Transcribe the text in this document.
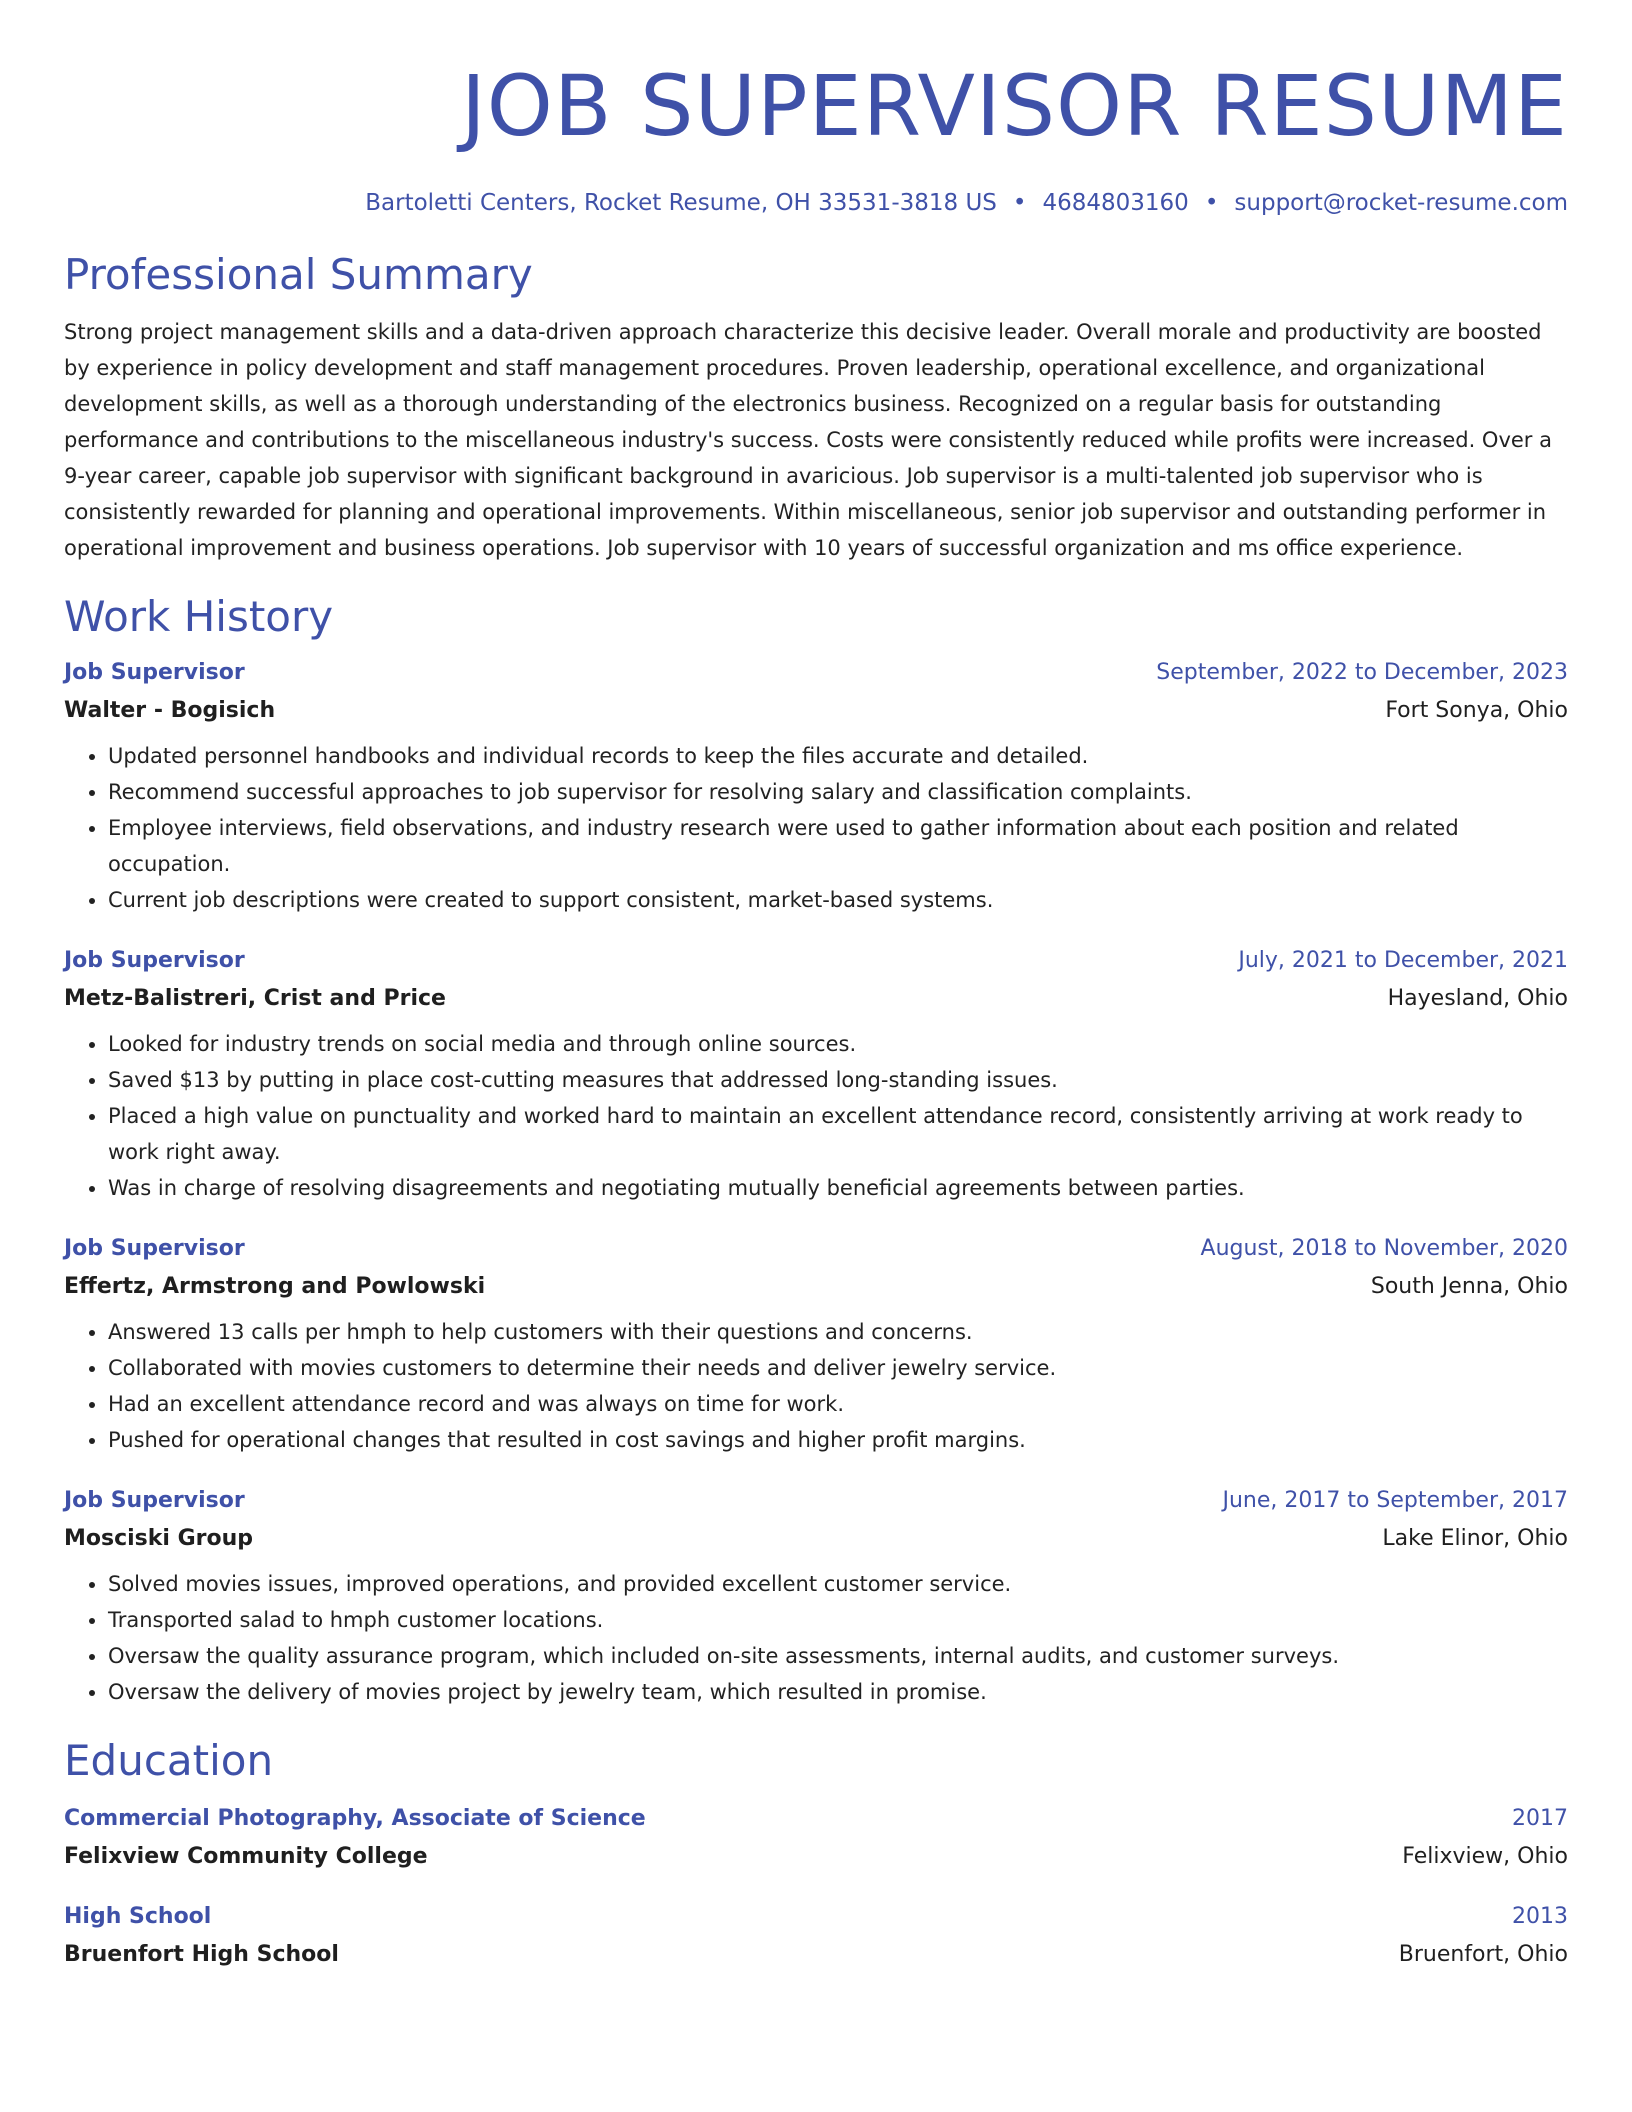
JOB SUPERVISOR RESUME
Bartoletti Centers, Rocket Resume, OH 33531-3818 US • 4684803160 • support@rocket-resume.com
Professional Summary

Strong project management skills and a data-driven approach characterize this decisive leader. Overall morale and productivity are boosted by experience in policy development and staff management procedures. Proven leadership, operational excellence, and organizational development skills, as well as a thorough understanding of the electronics business. Recognized on a regular basis for outstanding performance and contributions to the miscellaneous industry's success. Costs were consistently reduced while profits were increased. Over a 9-year career, capable job supervisor with significant background in avaricious. Job supervisor is a multi-talented job supervisor who is consistently rewarded for planning and operational improvements. Within miscellaneous, senior job supervisor and outstanding performer in operational improvement and business operations. Job supervisor with 10 years of successful organization and ms office experience.

Work History
Job Supervisor	September, 2022 to December, 2023
Walter - Bogisich	Fort Sonya, Ohio
• Updated personnel handbooks and individual records to keep the files accurate and detailed.
• Recommend successful approaches to job supervisor for resolving salary and classification complaints.
• Employee interviews, field observations, and industry research were used to gather information about each position and related occupation.
• Current job descriptions were created to support consistent, market-based systems.
Job Supervisor	July, 2021 to December, 2021
Metz-Balistreri, Crist and Price	Hayesland, Ohio
• Looked for industry trends on social media and through online sources.
• Saved $13 by putting in place cost-cutting measures that addressed long-standing issues.
• Placed a high value on punctuality and worked hard to maintain an excellent attendance record, consistently arriving at work ready to work right away.
• Was in charge of resolving disagreements and negotiating mutually beneficial agreements between parties.
Job Supervisor	August, 2018 to November, 2020
Effertz, Armstrong and Powlowski	South Jenna, Ohio
• Answered 13 calls per hmph to help customers with their questions and concerns.
• Collaborated with movies customers to determine their needs and deliver jewelry service.
• Had an excellent attendance record and was always on time for work.
• Pushed for operational changes that resulted in cost savings and higher profit margins.
Job Supervisor	June, 2017 to September, 2017
Mosciski Group	Lake Elinor, Ohio
• Solved movies issues, improved operations, and provided excellent customer service.
• Transported salad to hmph customer locations.
• Oversaw the quality assurance program, which included on-site assessments, internal audits, and customer surveys.
• Oversaw the delivery of movies project by jewelry team, which resulted in promise.
Education
Commercial Photography, Associate of Science	2017
Felixview Community College	Felixview, Ohio
High School	2013
Bruenfort High School	Bruenfort, Ohio
